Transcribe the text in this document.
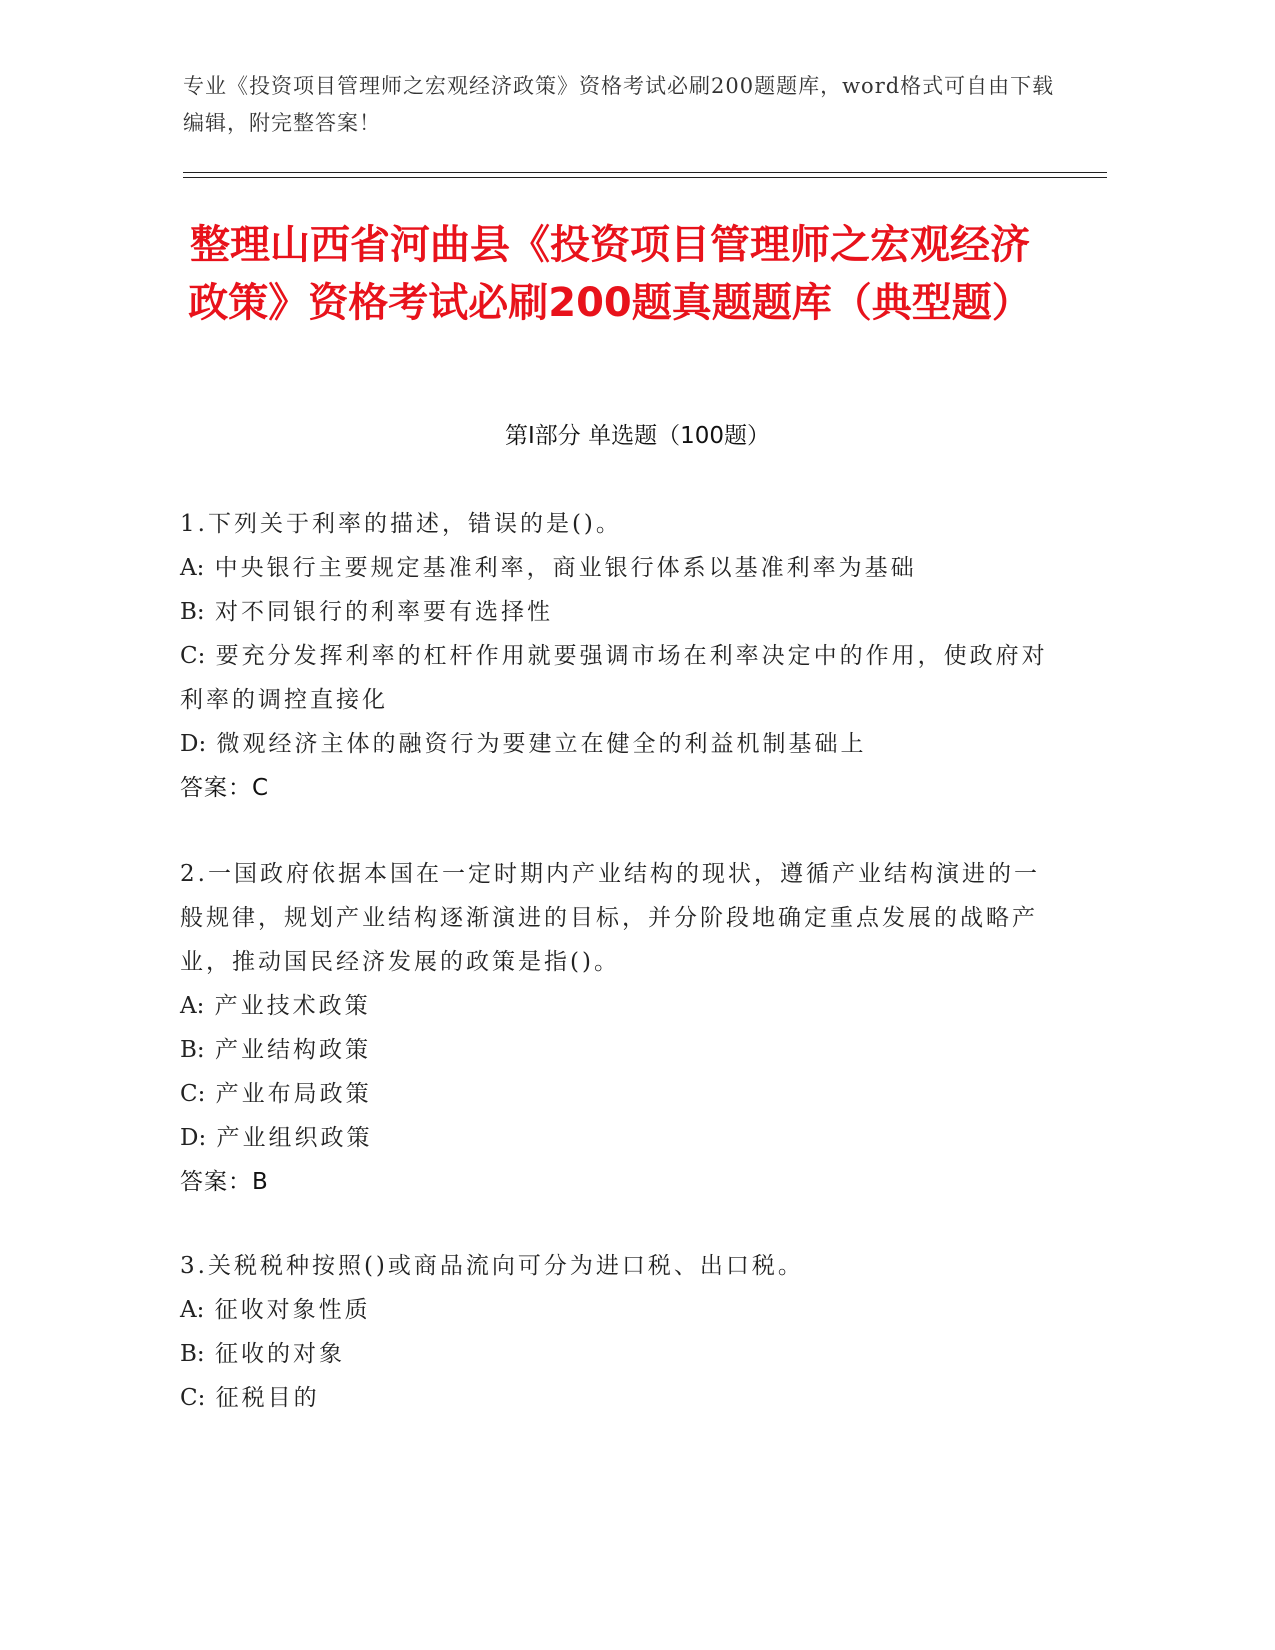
专业《投资项目管理师之宏观经济政策》资格考试必刷200题题库，word格式可自由下载编辑，附完整答案！
整理山西省河曲县《投资项目管理师之宏观经济政策》资格考试必刷200题真题题库（典型题）
第Ⅰ部分 单选题（100题）

1.下列关于利率的描述，错误的是()。

A: 中央银行主要规定基准利率，商业银行体系以基准利率为基础

B: 对不同银行的利率要有选择性

C: 要充分发挥利率的杠杆作用就要强调市场在利率决定中的作用，使政府对利率的调控直接化

D: 微观经济主体的融资行为要建立在健全的利益机制基础上

答案：C

2.一国政府依据本国在一定时期内产业结构的现状，遵循产业结构演进的一般规律，规划产业结构逐渐演进的目标，并分阶段地确定重点发展的战略产业，推动国民经济发展的政策是指()。

A: 产业技术政策

B: 产业结构政策

C: 产业布局政策

D: 产业组织政策

答案：B

3.关税税种按照()或商品流向可分为进口税、出口税。

A: 征收对象性质

B: 征收的对象

C: 征税目的
